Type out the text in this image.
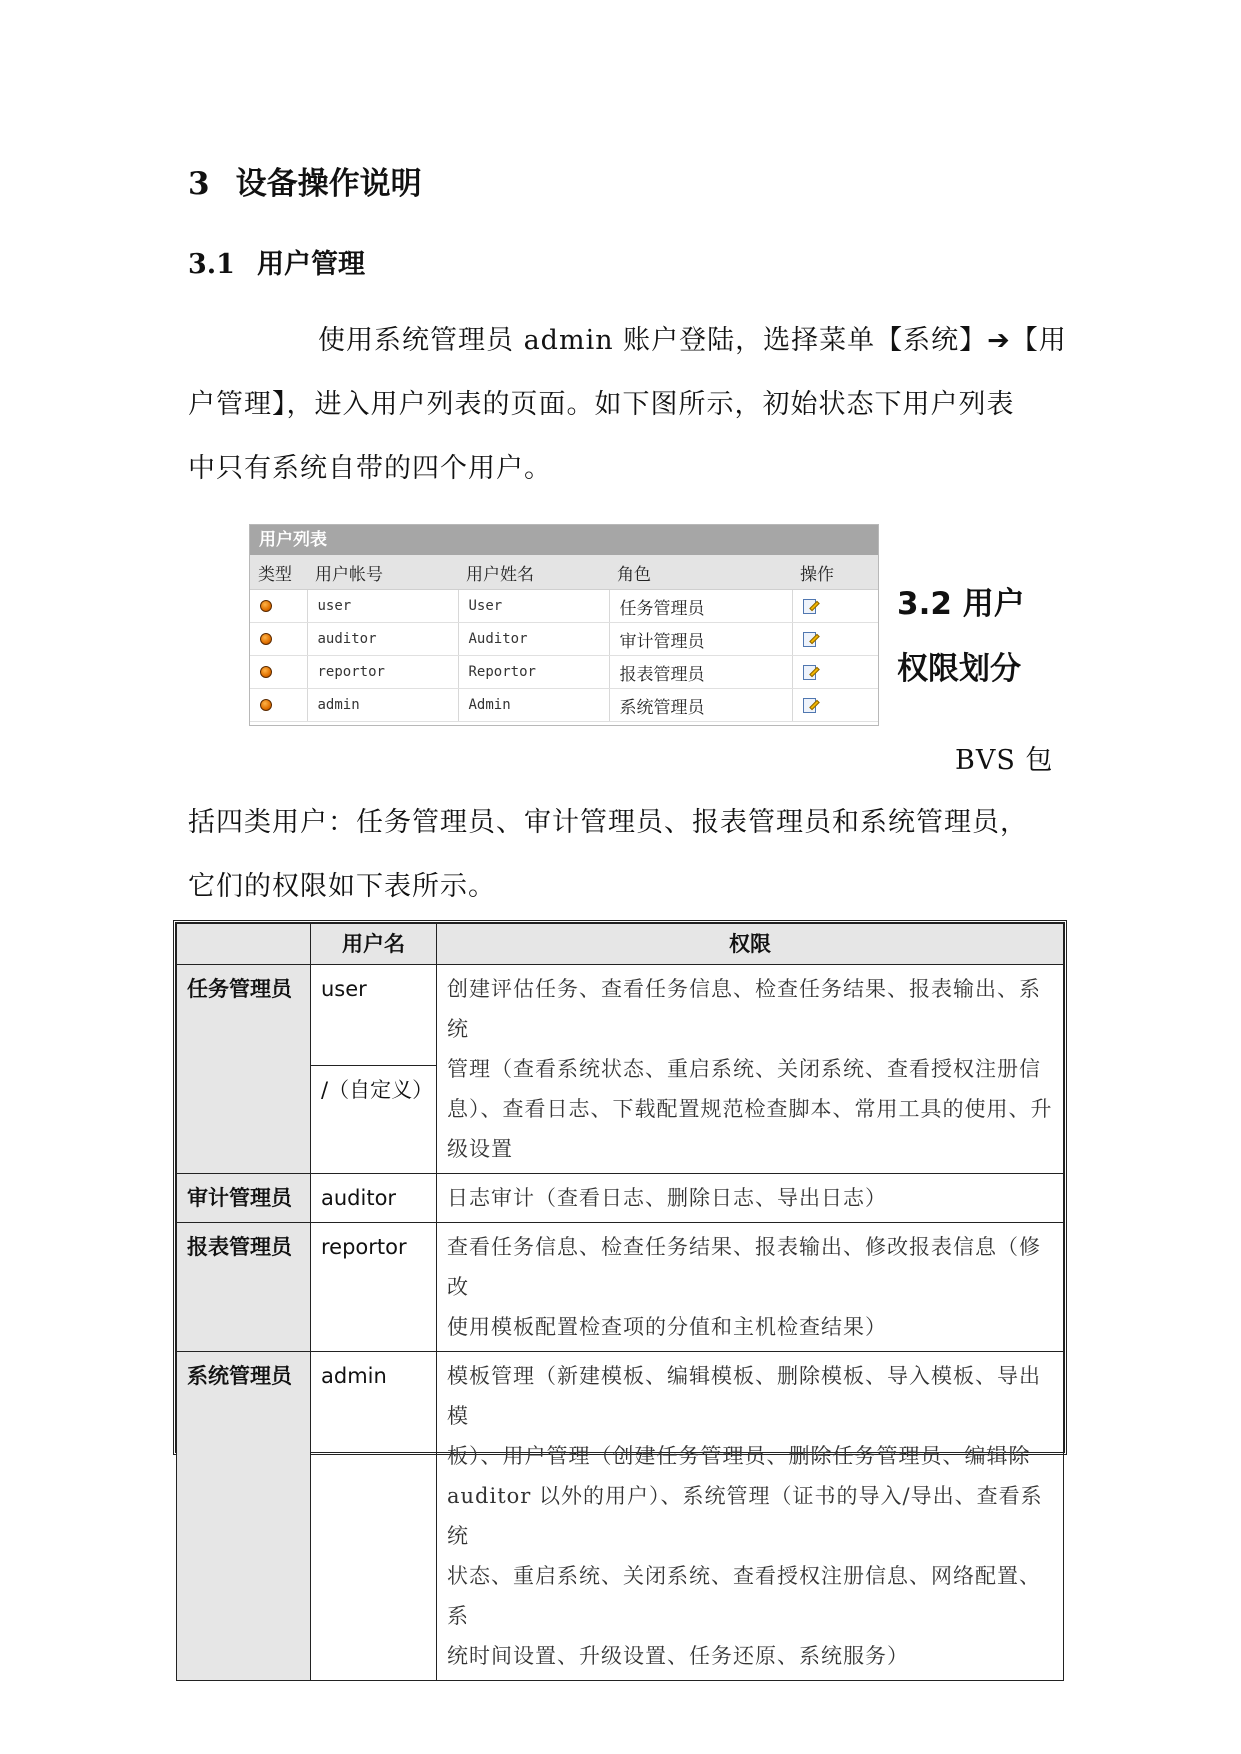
3 设备操作说明
3.1 用户管理
使用系统管理员 admin 账户登陆，选择菜单【系统】➔【用
户管理】，进入用户列表的页面。如下图所示，初始状态下用户列表
中只有系统自带的四个用户。
用户列表
类型	用户帐号	用户姓名	角色	操作
	user	User	任务管理员	

	auditor	Auditor	审计管理员	

	reportor	Reportor	报表管理员	

	admin	Admin	系统管理员	
3.2 用户
权限划分
BVS 包
括四类用户：任务管理员、审计管理员、报表管理员和系统管理员，
它们的权限如下表所示。
	用户名	权限
任务管理员	user	创建评估任务、查看任务信息、检查任务结果、报表输出、系统
管理（查看系统状态、重启系统、关闭系统、查看授权注册信
息）、查看日志、下载配置规范检查脚本、常用工具的使用、升
级设置

	/（自定义）	
审计管理员	auditor	日志审计（查看日志、删除日志、导出日志）

报表管理员	reportor	查看任务信息、检查任务结果、报表输出、修改报表信息（修改
使用模板配置检查项的分值和主机检查结果）

系统管理员	admin	模板管理（新建模板、编辑模板、删除模板、导入模板、导出模
板）、用户管理（创建任务管理员、删除任务管理员、编辑除
auditor 以外的用户）、系统管理（证书的导入/导出、查看系统
状态、重启系统、关闭系统、查看授权注册信息、网络配置、系
统时间设置、升级设置、任务还原、系统服务）
